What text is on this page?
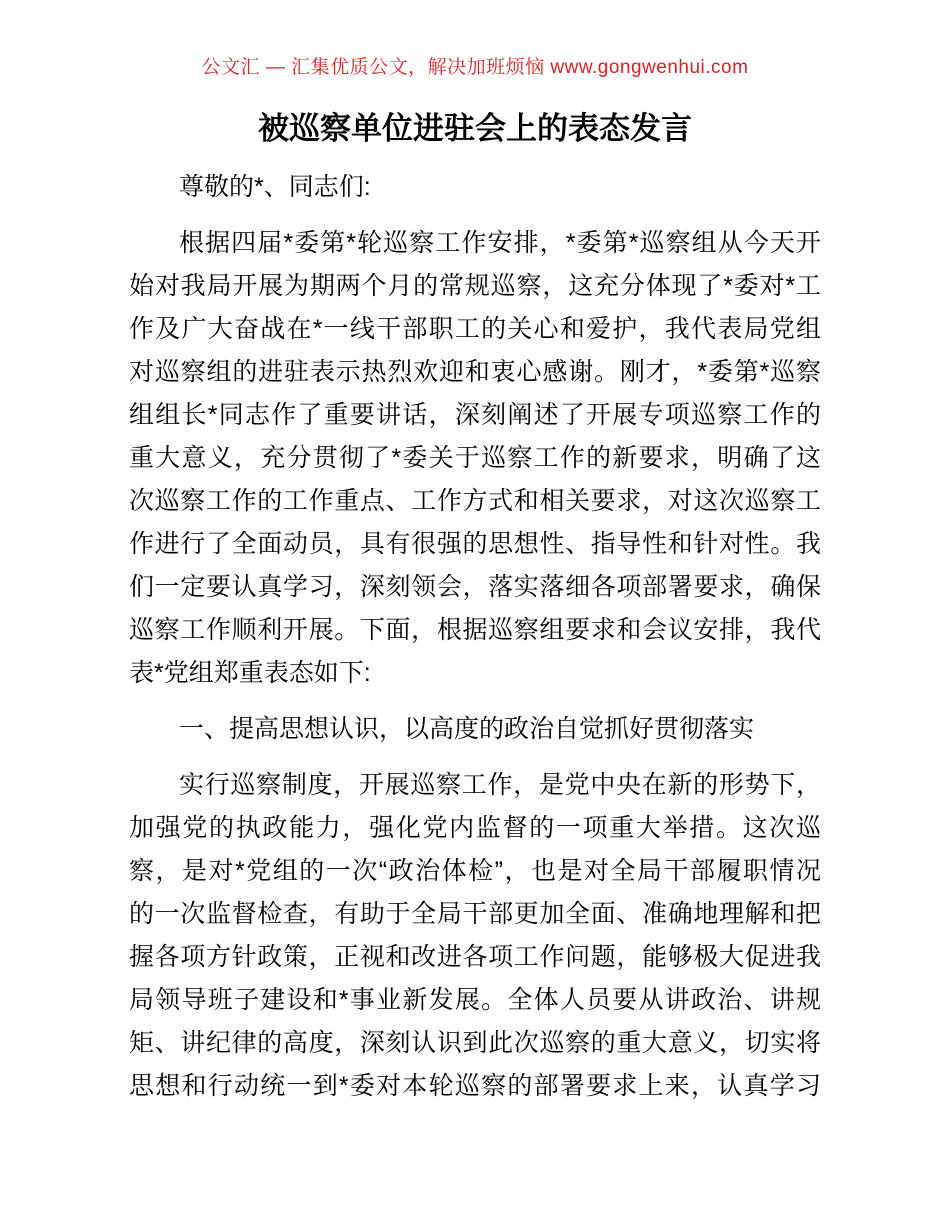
公文汇 — 汇集优质公文，解决加班烦恼 www.gongwenhui.com
被巡察单位进驻会上的表态发言
尊敬的*、同志们:
根据四届*委第*轮巡察工作安排，*委第*巡察组从今天开
始对我局开展为期两个月的常规巡察，这充分体现了*委对*工
作及广大奋战在*一线干部职工的关心和爱护，我代表局党组
对巡察组的进驻表示热烈欢迎和衷心感谢。刚才，*委第*巡察
组组长*同志作了重要讲话，深刻阐述了开展专项巡察工作的
重大意义，充分贯彻了*委关于巡察工作的新要求，明确了这
次巡察工作的工作重点、工作方式和相关要求，对这次巡察工
作进行了全面动员，具有很强的思想性、指导性和针对性。我
们一定要认真学习，深刻领会，落实落细各项部署要求，确保
巡察工作顺利开展。下面，根据巡察组要求和会议安排，我代
表*党组郑重表态如下:
一、提高思想认识，以高度的政治自觉抓好贯彻落实
实行巡察制度，开展巡察工作，是党中央在新的形势下，
加强党的执政能力，强化党内监督的一项重大举措。这次巡
察，是对*党组的一次“政治体检”，也是对全局干部履职情况
的一次监督检查，有助于全局干部更加全面、准确地理解和把
握各项方针政策，正视和改进各项工作问题，能够极大促进我
局领导班子建设和*事业新发展。全体人员要从讲政治、讲规
矩、讲纪律的高度，深刻认识到此次巡察的重大意义，切实将
思想和行动统一到*委对本轮巡察的部署要求上来，认真学习
